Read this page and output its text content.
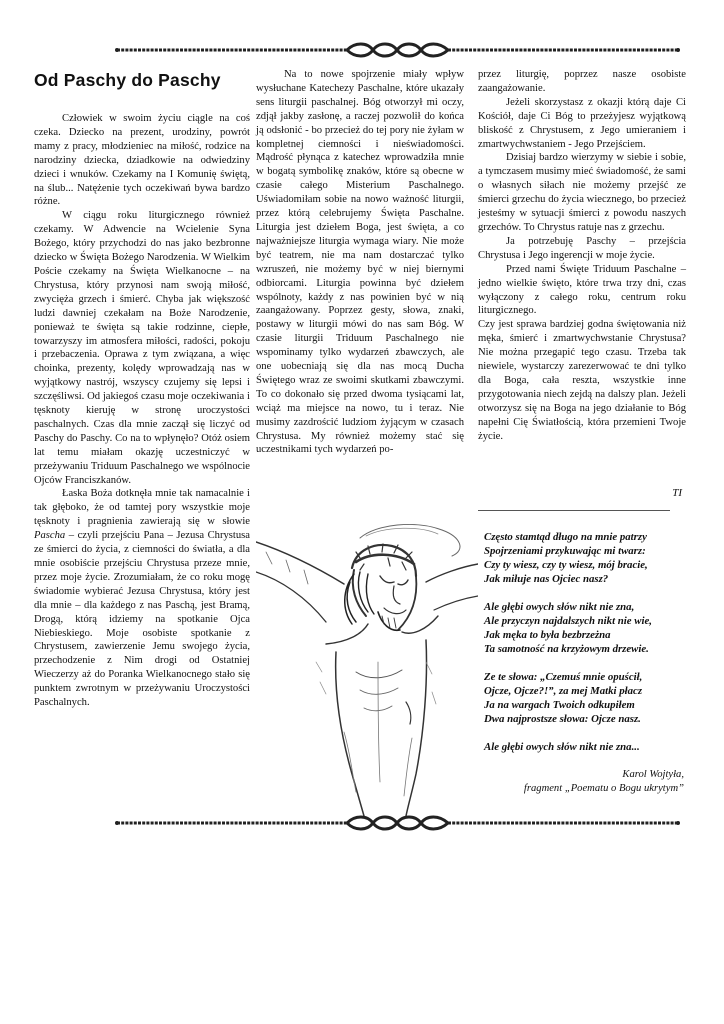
Od Paschy do Paschy

Człowiek w swoim życiu ciągle na coś czeka. Dziecko na prezent, urodziny, powrót mamy z pracy, młodzieniec na miłość, rodzice na narodziny dziecka, dziadkowie na odwiedziny dzieci i wnuków. Czekamy na I Komunię świętą, na ślub... Natężenie tych oczekiwań bywa bardzo różne.

W ciągu roku liturgicznego również czekamy. W Adwencie na Wcielenie Syna Bożego, który przychodzi do nas jako bezbronne dziecko w Święta Bożego Narodzenia. W Wielkim Poście czekamy na Święta Wielkanocne – na Chrystusa, który przynosi nam swoją miłość, zwycięża grzech i śmierć. Chyba jak większość ludzi dawniej czekałam na Boże Narodzenie, ponieważ te święta są takie rodzinne, ciepłe, towarzyszy im atmosfera miłości, radości, pokoju i przebaczenia. Oprawa z tym związana, a więc choinka, prezenty, kolędy wprowadzają nas w wyjątkowy nastrój, wszyscy czujemy się lepsi i szczęśliwsi. Od jakiegoś czasu moje oczekiwania i tęsknoty kieruję w stronę uroczystości paschalnych. Czas dla mnie zaczął się liczyć od Paschy do Paschy. Co na to wpłynęło? Otóż osiem lat temu miałam okazję uczestniczyć w przeżywaniu Triduum Paschalnego we wspólnocie Ojców Franciszkanów.

Łaska Boża dotknęła mnie tak namacalnie i tak głęboko, że od tamtej pory wszystkie moje tęsknoty i pragnienia zawierają się w słowie Pascha – czyli przejściu Pana – Jezusa Chrystusa ze śmierci do życia, z ciemności do światła, a dla mnie osobiście przejściu Chrystusa przeze mnie, przez moje życie. Zrozumiałam, że co roku mogę świadomie wybierać Jezusa Chrystusa, który jest dla mnie – dla każdego z nas Paschą, jest Bramą, Drogą, którą idziemy na spotkanie Ojca Niebieskiego. Moje osobiste spotkanie z Chrystusem, zawierzenie Jemu swojego życia, przechodzenie z Nim drogi od Ostatniej Wieczerzy aż do Poranka Wielkanocnego stało się punktem zwrotnym w przeżywaniu Uroczystości Paschalnych.

Na to nowe spojrzenie miały wpływ wysłuchane Katechezy Paschalne, które ukazały sens liturgii paschalnej. Bóg otworzył mi oczy, zdjął jakby zasłonę, a raczej pozwolił do końca ją odsłonić - bo przecież do tej pory nie żyłam w kompletnej ciemności i nieświadomości. Mądrość płynąca z katechez wprowadziła mnie w bogatą symbolikę znaków, które są obecne w czasie całego Misterium Paschalnego. Uświadomiłam sobie na nowo ważność liturgii, przez którą celebrujemy Święta Paschalne. Liturgia jest dziełem Boga, jest święta, a co najważniejsze liturgia wymaga wiary. Nie może być teatrem, nie ma nam dostarczać tylko wzruszeń, nie możemy być w niej biernymi odbiorcami. Liturgia powinna być dziełem wspólnoty, każdy z nas powinien być w nią zaangażowany. Poprzez gesty, słowa, znaki, postawy w liturgii mówi do nas sam Bóg. W czasie liturgii Triduum Paschalnego nie wspominamy tylko wydarzeń zbawczych, ale one uobecniają się dla nas mocą Ducha Świętego wraz ze swoimi skutkami zbawczymi. To co dokonało się przed dwoma tysiącami lat, wciąż ma miejsce na nowo, tu i teraz. Nie musimy zazdrościć ludziom żyjącym w czasach Chrystusa. My również możemy stać się uczestnikami tych wydarzeń po-

przez liturgię, poprzez nasze osobiste zaangażowanie.

Jeżeli skorzystasz z okazji którą daje Ci Kościół, daje Ci Bóg to przeżyjesz wyjątkową bliskość z Chrystusem, z Jego umieraniem i zmartwychwstaniem - Jego Przejściem.

Dzisiaj bardzo wierzymy w siebie i sobie, a tymczasem musimy mieć świadomość, że sami o własnych siłach nie możemy przejść ze śmierci grzechu do życia wiecznego, bo przecież jesteśmy w sytuacji śmierci z powodu naszych grzechów. To Chrystus ratuje nas z grzechu.

Ja potrzebuję Paschy – przejścia Chrystusa i Jego ingerencji w moje życie.

Przed nami Święte Triduum Paschalne – jedno wielkie święto, które trwa trzy dni, czas wyłączony z całego roku, centrum roku liturgicznego.

Czy jest sprawa bardziej godna świętowania niż męka, śmierć i zmartwychwstanie Chrystusa? Nie można przegapić tego czasu. Trzeba tak niewiele, wystarczy zarezerwować te dni tylko dla Boga, cała reszta, wszystkie inne przygotowania niech zejdą na dalszy plan. Jeżeli otworzysz się na Boga na jego działanie to Bóg napełni Cię Światłością, która przemieni Twoje życie.

TI
Często stamtąd długo na mnie patrzy
Spojrzeniami przykuwając mi twarz:
Czy ty wiesz, czy ty wiesz, mój bracie,
Jak miłuje nas Ojciec nasz?
Ale głębi owych słów nikt nie zna,
Ale przyczyn najdalszych nikt nie wie,
Jak męka to była bezbrzeżna
Ta samotność na krzyżowym drzewie.
Ze te słowa: „Czemuś mnie opuścił,
Ojcze, Ojcze?!”, za mej Matki płacz
Ja na wargach Twoich odkupiłem
Dwa najprostsze słowa: Ojcze nasz.
Ale głębi owych słów nikt nie zna...
Karol Wojtyła,
fragment „Poematu o Bogu ukrytym”
